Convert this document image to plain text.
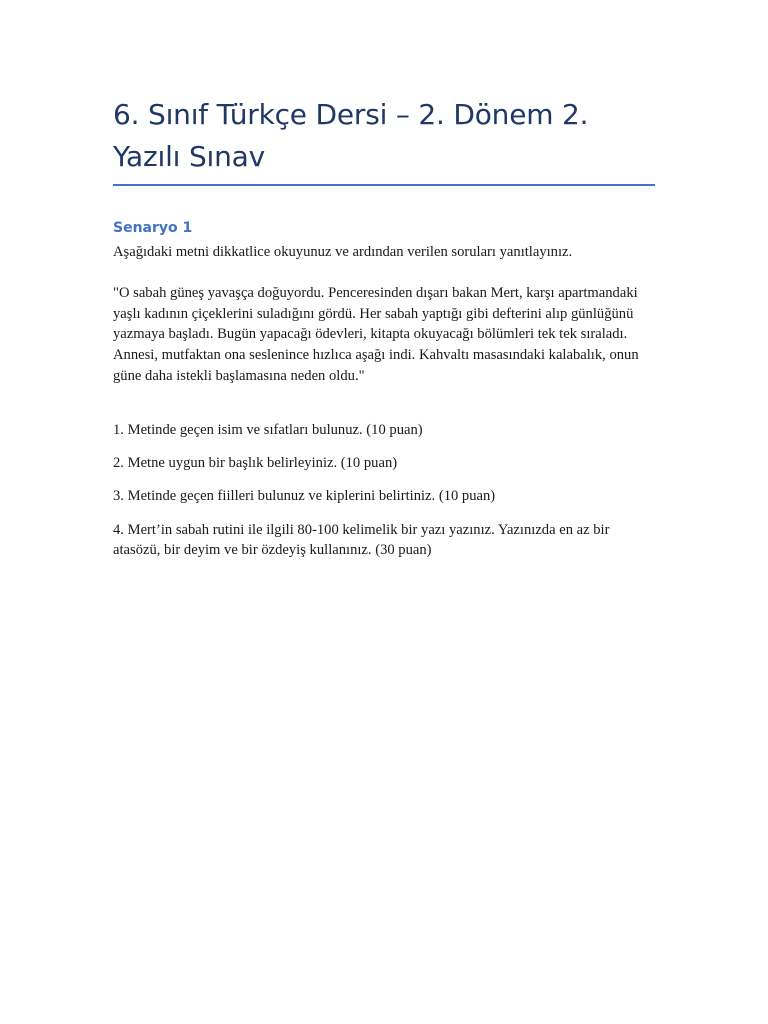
6. Sınıf Türkçe Dersi – 2. Dönem 2. Yazılı Sınav
Senaryo 1

Aşağıdaki metni dikkatlice okuyunuz ve ardından verilen soruları yanıtlayınız.

"O sabah güneş yavaşça doğuyordu. Penceresinden dışarı bakan Mert, karşı apartmandaki yaşlı kadının çiçeklerini suladığını gördü. Her sabah yaptığı gibi defterini alıp günlüğünü yazmaya başladı. Bugün yapacağı ödevleri, kitapta okuyacağı bölümleri tek tek sıraladı. Annesi, mutfaktan ona seslenince hızlıca aşağı indi. Kahvaltı masasındaki kalabalık, onun güne daha istekli başlamasına neden oldu."

1. Metinde geçen isim ve sıfatları bulunuz. (10 puan)

2. Metne uygun bir başlık belirleyiniz. (10 puan)

3. Metinde geçen fiilleri bulunuz ve kiplerini belirtiniz. (10 puan)

4. Mert’in sabah rutini ile ilgili 80-100 kelimelik bir yazı yazınız. Yazınızda en az bir atasözü, bir deyim ve bir özdeyiş kullanınız. (30 puan)
